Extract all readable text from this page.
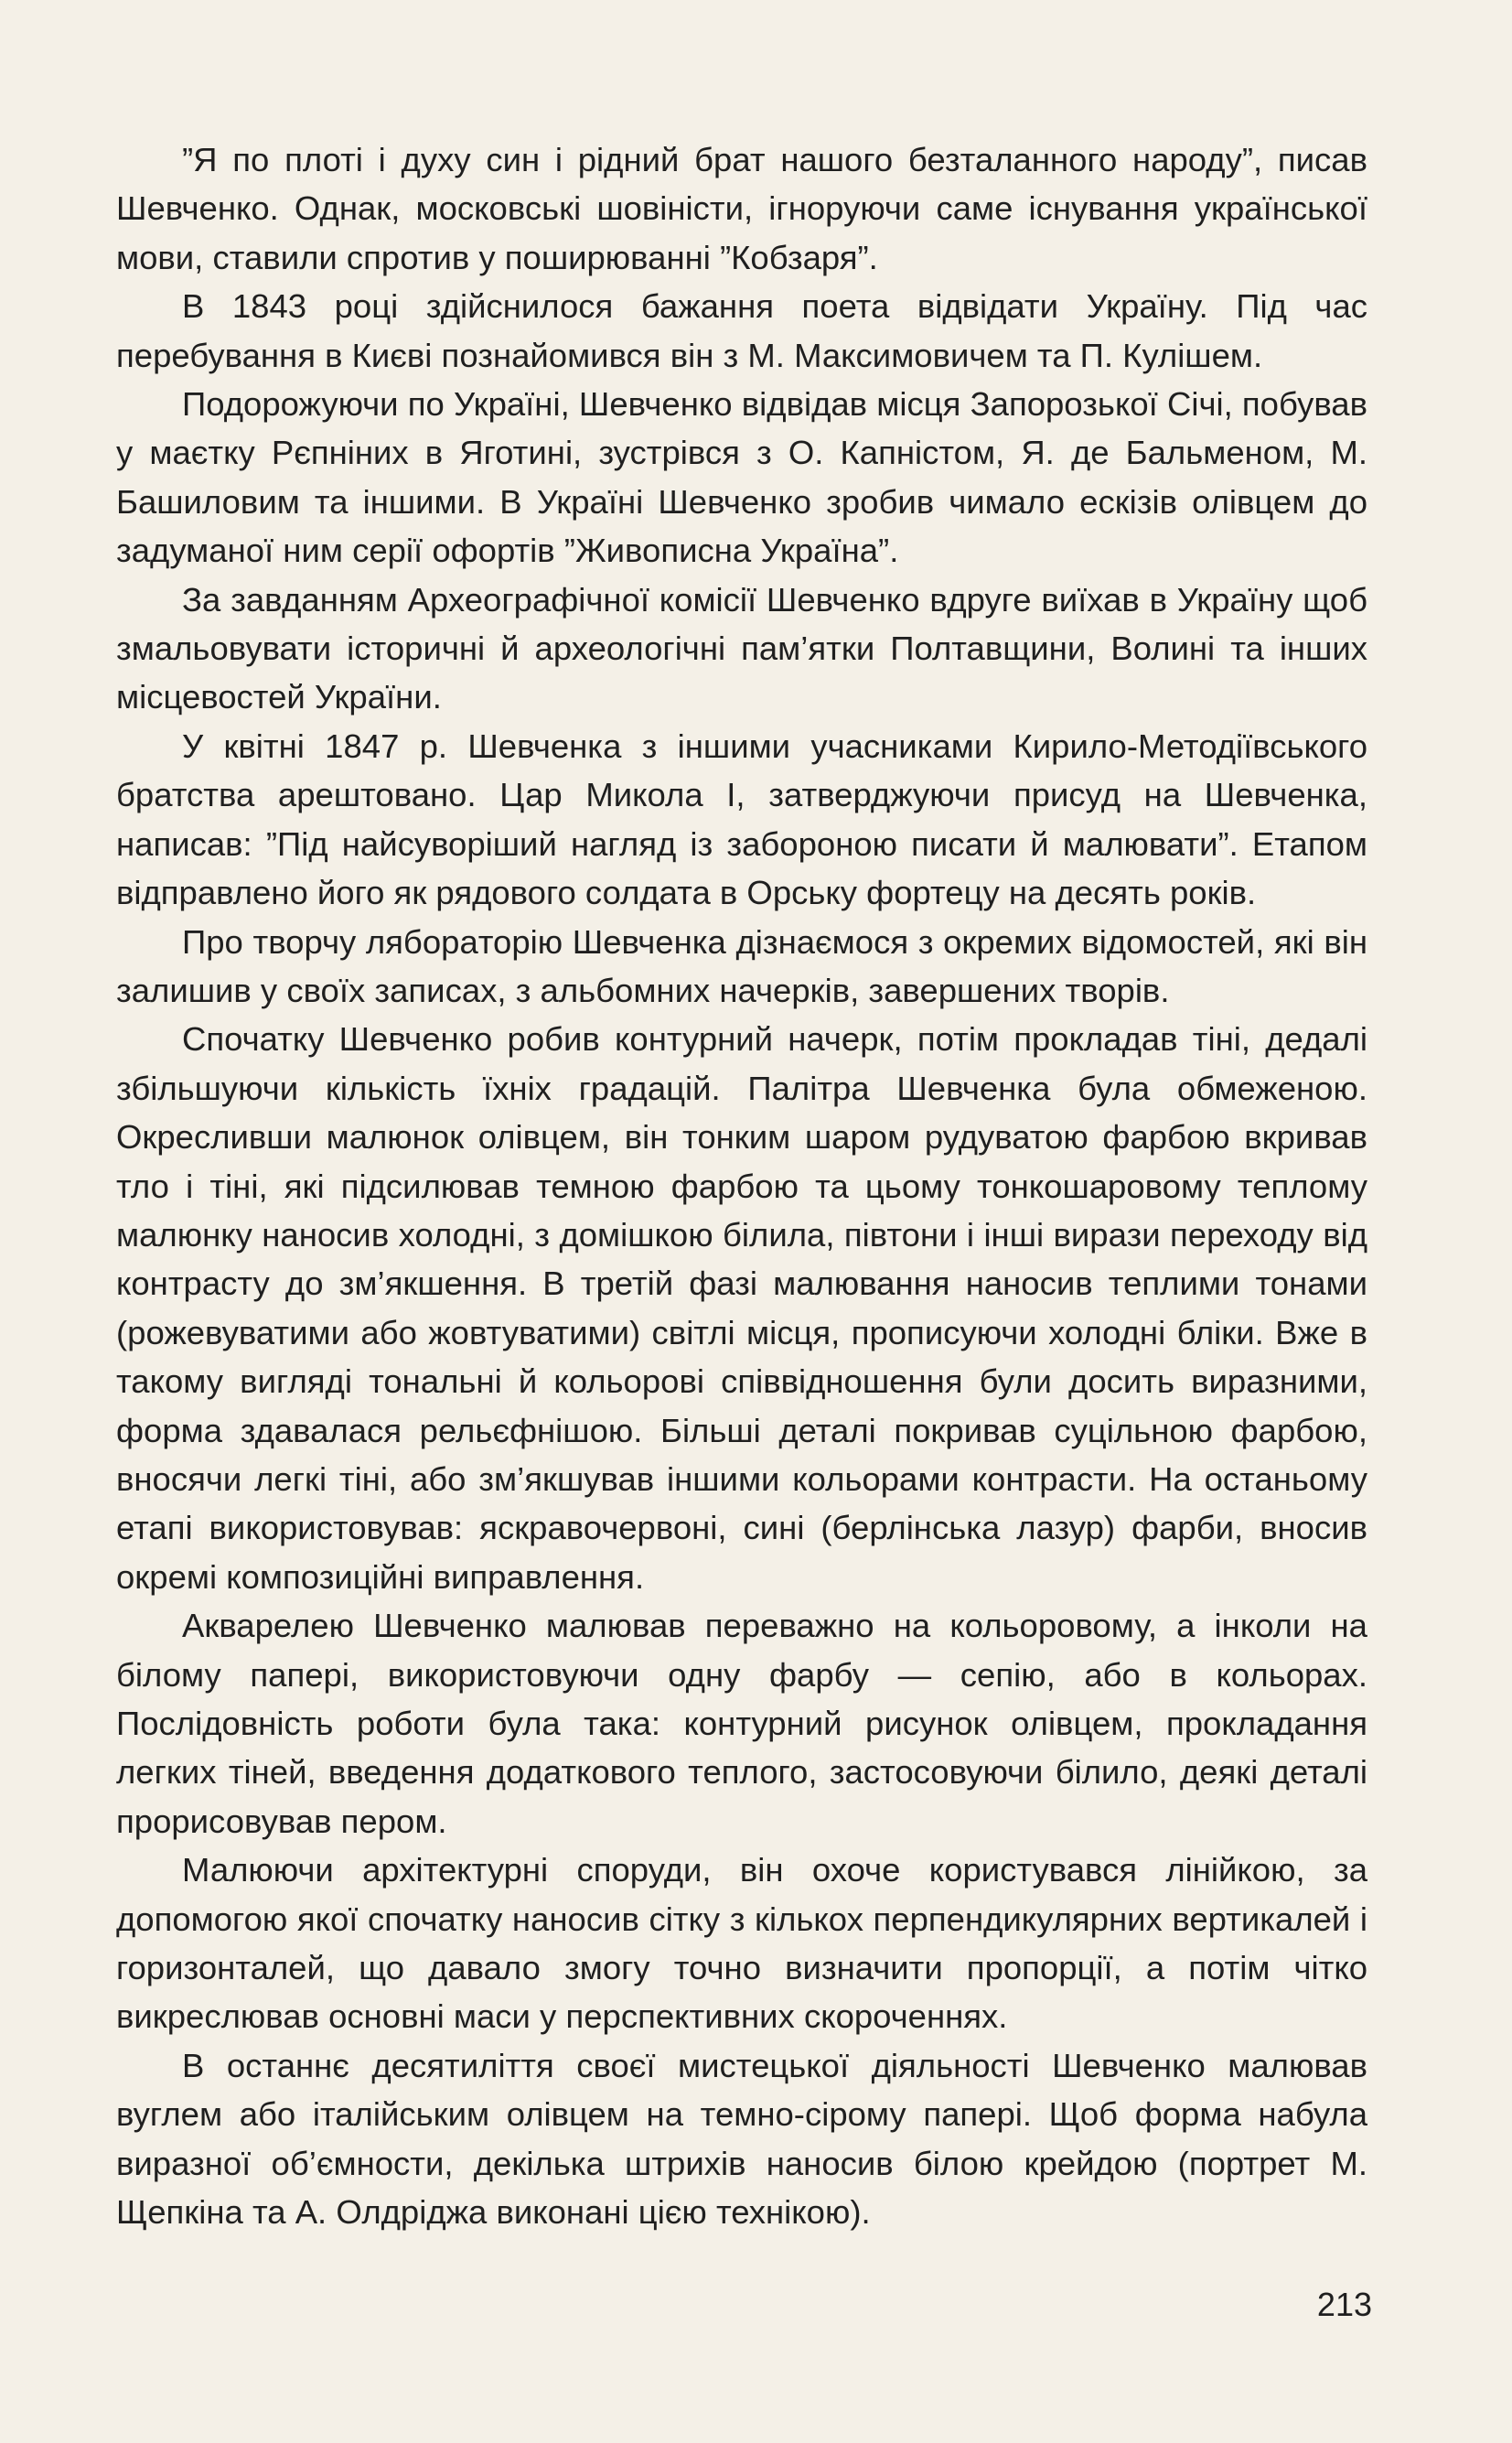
”Я по плоті і духу син і рідний брат нашого безталанного народу”, писав Шевченко. Однак, московські шовіністи, ігноруючи саме існування української мови, ставили спротив у поширюванні ”Кобзаря”.

В 1843 році здійснилося бажання поета відвідати Україну. Під час перебування в Києві познайомився він з М. Максимовичем та П. Кулішем.

Подорожуючи по Україні, Шевченко відвідав місця Запорозької Січі, побував у маєтку Рєпніних в Яготині, зустрівся з О. Капністом, Я. де Бальменом, М. Башиловим та іншими. В Україні Шевченко зробив чимало ескізів олівцем до задуманої ним серії офортів ”Живописна Україна”.

За завданням Археографічної комісії Шевченко вдруге виїхав в Україну щоб змальовувати історичні й археологічні пам’ятки Полтавщини, Волині та інших місцевостей України.

У квітні 1847 р. Шевченка з іншими учасниками Кирило-Методіївського братства арештовано. Цар Микола І, затверджуючи присуд на Шевченка, написав: ”Під найсуворіший нагляд із забороною писати й малювати”. Етапом відправлено його як рядового солдата в Орську фортецу на десять років.

Про творчу ляборaторію Шевченка дізнаємося з окремих відомостей, які він залишив у своїх записах, з альбомних начерків, завершених творів.

Спочатку Шевченко робив контурний начерк, потім прокладав тіні, дедалі збільшуючи кількість їхніх градацій. Палітра Шевченка була обмеженою. Окресливши малюнок олівцем, він тонким шаром рудуватою фарбою вкривав тло і тіні, які підсилював темною фарбою та цьому тонкошаровому теплому малюнку наносив холодні, з домішкою білила, півтони і інші вирази переходу від контрасту до зм’якшення. В третій фазі малювання наносив теплими тонами (рожевуватими або жовтуватими) світлі місця, прописуючи холодні бліки. Вже в такому вигляді тональні й кольорові співвідношення були досить виразними, форма здавалася рельєфнішою. Більші деталі покривав суцільною фарбою, вносячи легкі тіні, або зм’якшував іншими кольорами контрасти. На останьому етапі використовував: яскравочервоні, сині (берлінська лазур) фарби, вносив окремі композиційні виправлення.

Акварелею Шевченко малював переважно на кольоровому, а інколи на білому папері, використовуючи одну фарбу — сепію, або в кольорах. Послідовність роботи була така: контурний рисунок олівцем, прокладання легких тіней, введення додаткового теплого, застосовуючи білило, деякі деталі прорисовував пером.

Малюючи архітектурні споруди, він охоче користувався лінійкою, за допомогою якої спочатку наносив сітку з кількох перпендикулярних вертикалей і горизонталей, що давало змогу точно визначити пропорції, а потім чітко викреслював основні маси у перспективних скороченнях.

В останнє десятиліття своєї мистецької діяльності Шевченко малював вуглем або італійським олівцем на темно-сірому папері. Щоб форма набула виразної об’ємности, декілька штрихів наносив білою крейдою (портрет М. Щепкіна та А. Олдріджа виконані цією технікою).

213
